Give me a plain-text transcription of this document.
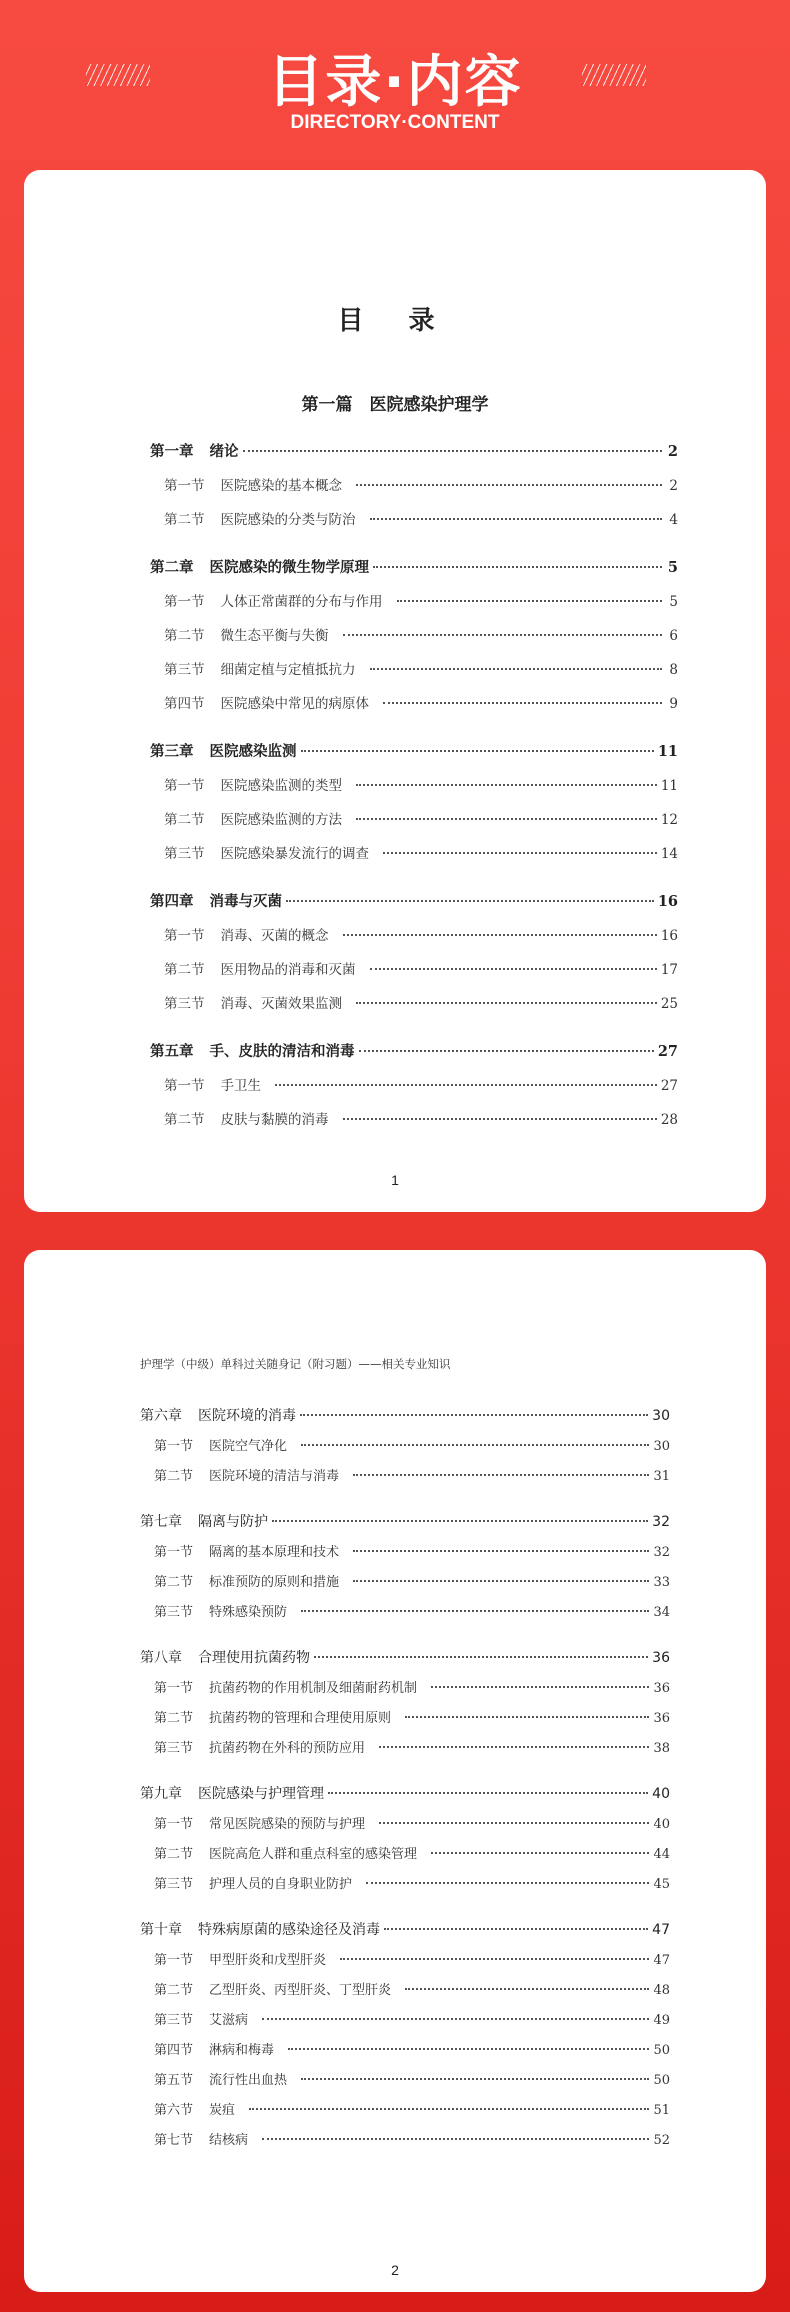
目录·内容
DIRECTORY·CONTENT
目 录
第一篇　医院感染护理学
第一章 绪论	2
第一节 医院感染的基本概念	2
第二节 医院感染的分类与防治	4
第二章 医院感染的微生物学原理	5
第一节 人体正常菌群的分布与作用	5
第二节 微生态平衡与失衡	6
第三节 细菌定植与定植抵抗力	8
第四节 医院感染中常见的病原体	9
第三章 医院感染监测	11
第一节 医院感染监测的类型	11
第二节 医院感染监测的方法	12
第三节 医院感染暴发流行的调查	14
第四章 消毒与灭菌	16
第一节 消毒、灭菌的概念	16
第二节 医用物品的消毒和灭菌	17
第三节 消毒、灭菌效果监测	25
第五章 手、皮肤的清洁和消毒	27
第一节 手卫生	27
第二节 皮肤与黏膜的消毒	28
1
护理学（中级）单科过关随身记（附习题）——相关专业知识
第六章 医院环境的消毒	30
第一节 医院空气净化	30
第二节 医院环境的清洁与消毒	31
第七章 隔离与防护	32
第一节 隔离的基本原理和技术	32
第二节 标准预防的原则和措施	33
第三节 特殊感染预防	34
第八章 合理使用抗菌药物	36
第一节 抗菌药物的作用机制及细菌耐药机制	36
第二节 抗菌药物的管理和合理使用原则	36
第三节 抗菌药物在外科的预防应用	38
第九章 医院感染与护理管理	40
第一节 常见医院感染的预防与护理	40
第二节 医院高危人群和重点科室的感染管理	44
第三节 护理人员的自身职业防护	45
第十章 特殊病原菌的感染途径及消毒	47
第一节 甲型肝炎和戊型肝炎	47
第二节 乙型肝炎、丙型肝炎、丁型肝炎	48
第三节 艾滋病	49
第四节 淋病和梅毒	50
第五节 流行性出血热	50
第六节 炭疽	51
第七节 结核病	52
2
